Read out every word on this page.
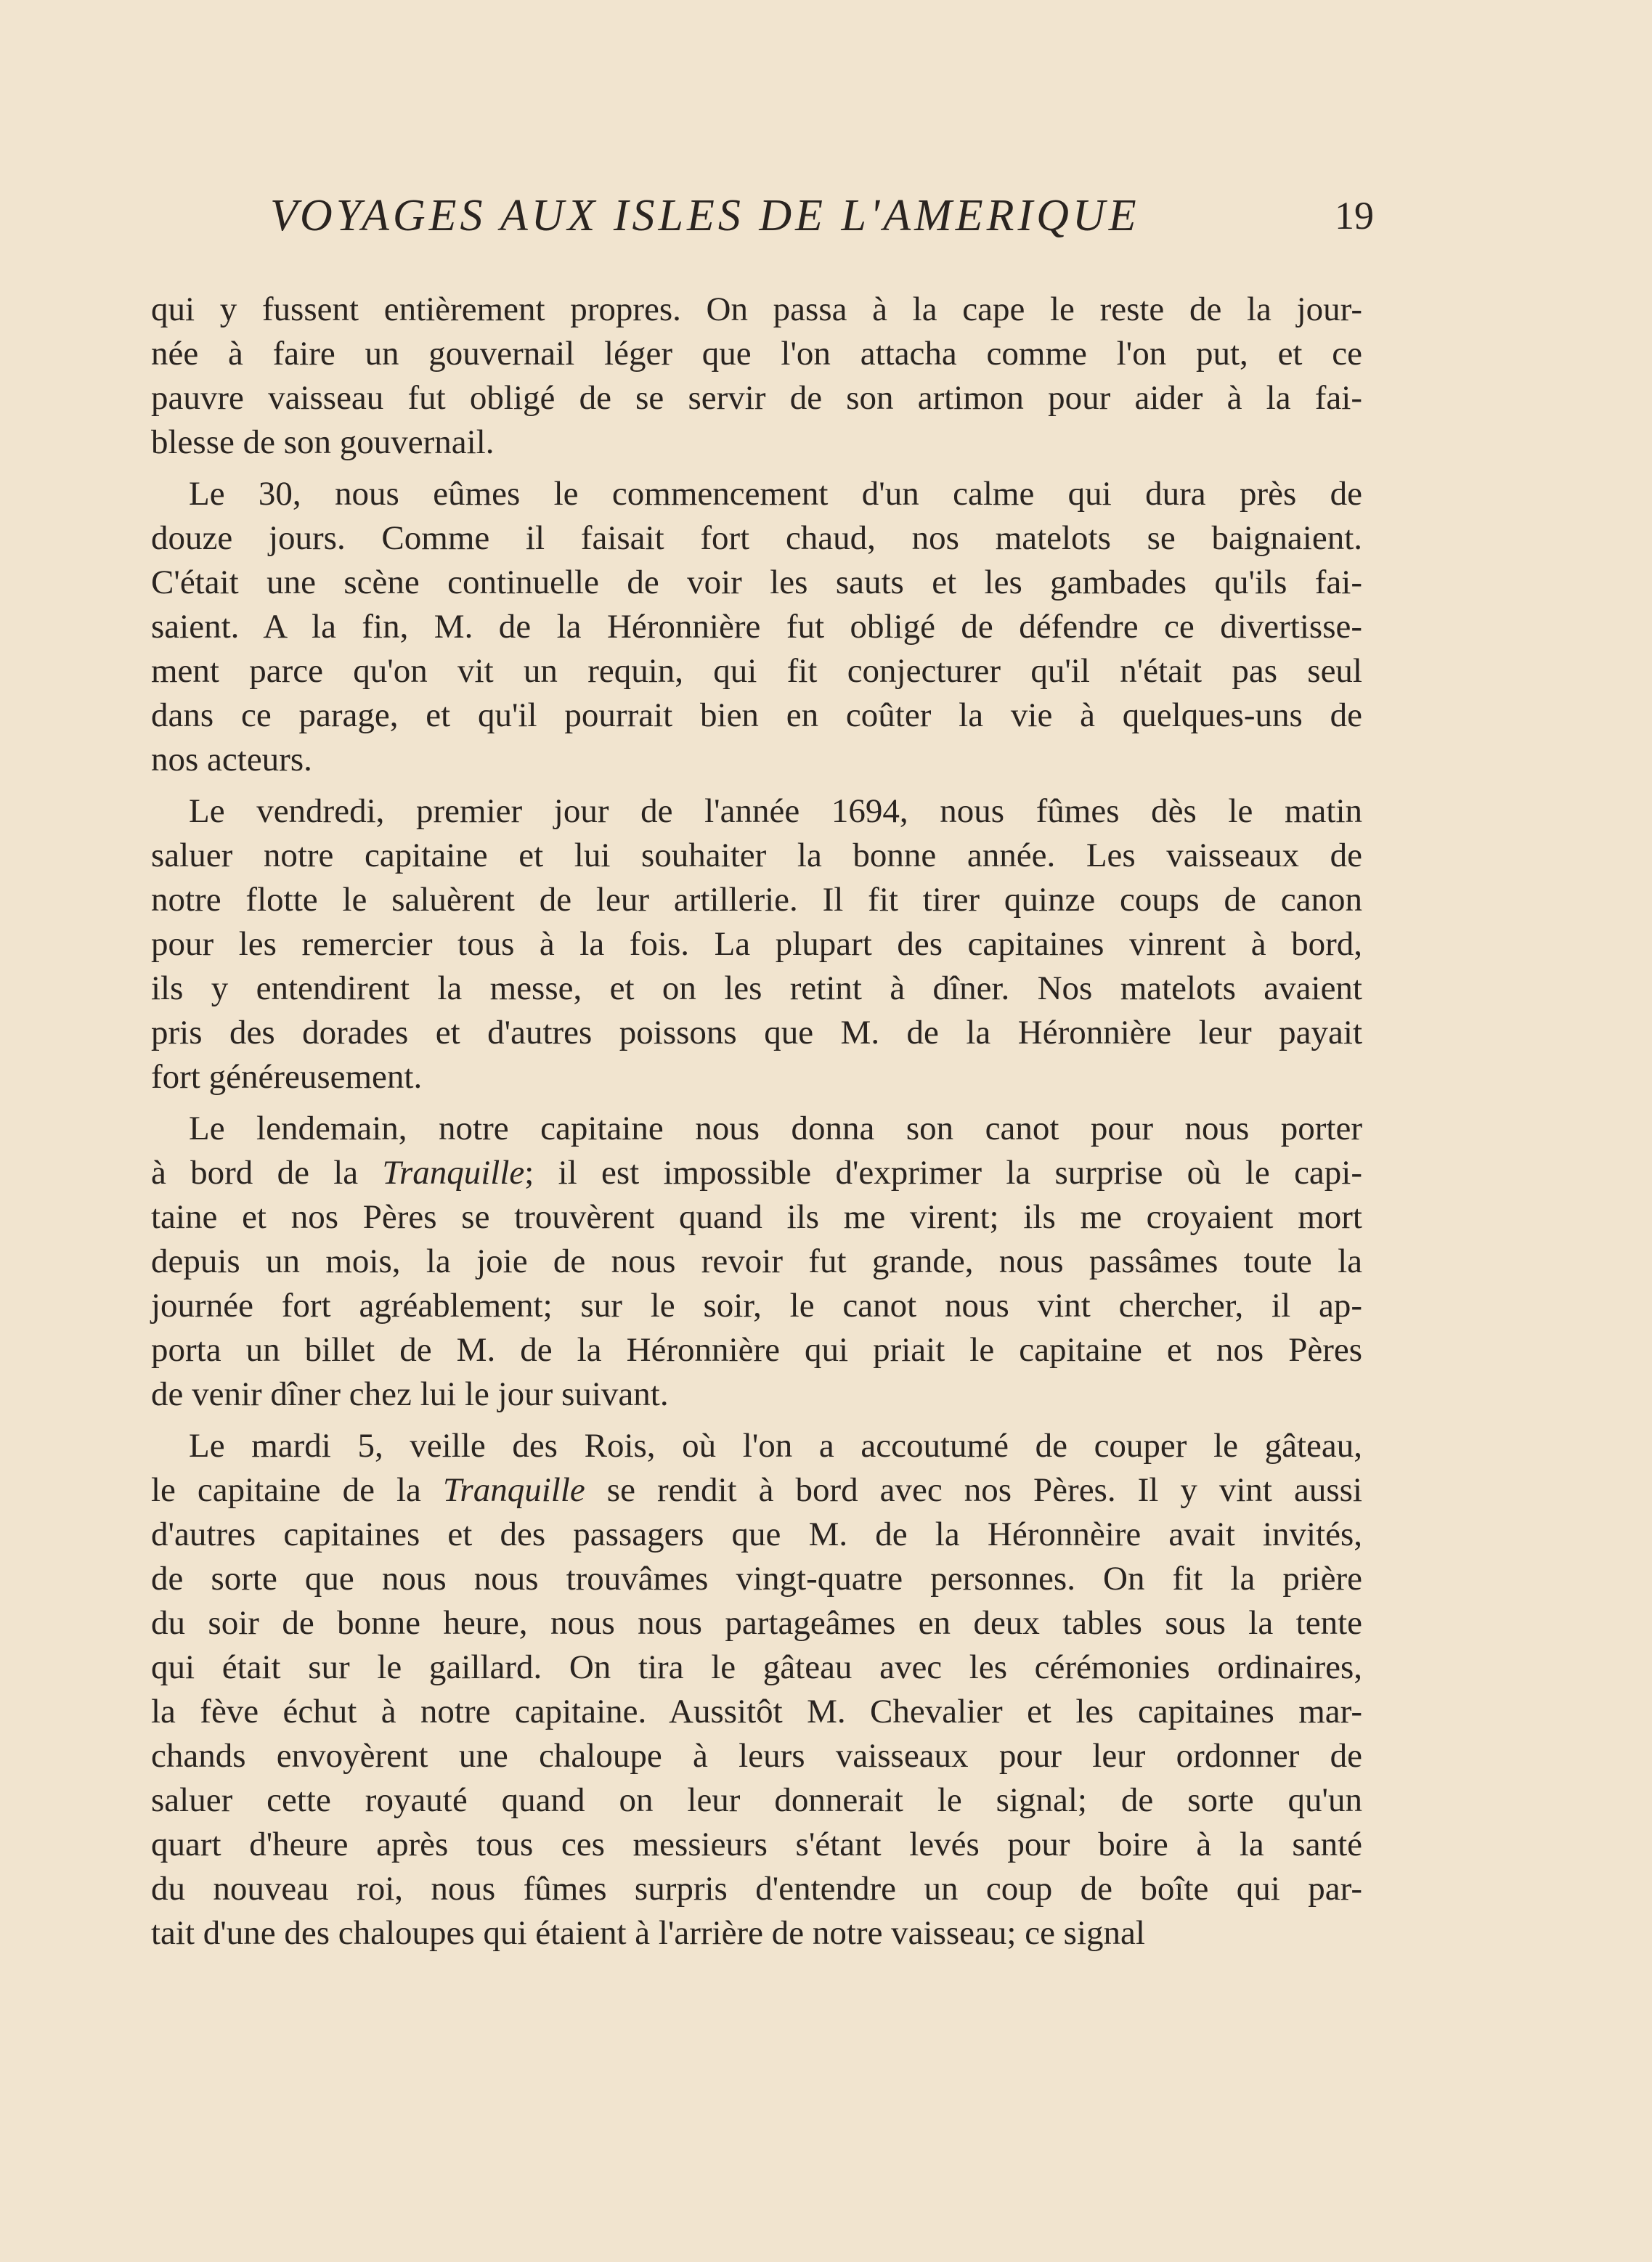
VOYAGES AUX ISLES DE L'AMERIQUE	19
qui y fussent entièrement propres. On passa à la cape le reste de la jour-
née à faire un gouvernail léger que l'on attacha comme l'on put, et ce
pauvre vaisseau fut obligé de se servir de son artimon pour aider à la fai-
blesse de son gouvernail.
Le 30, nous eûmes le commencement d'un calme qui dura près de
douze jours. Comme il faisait fort chaud, nos matelots se baignaient.
C'était une scène continuelle de voir les sauts et les gambades qu'ils fai-
saient. A la fin, M. de la Héronnière fut obligé de défendre ce divertisse-
ment parce qu'on vit un requin, qui fit conjecturer qu'il n'était pas seul
dans ce parage, et qu'il pourrait bien en coûter la vie à quelques-uns de
nos acteurs.
Le vendredi, premier jour de l'année 1694, nous fûmes dès le matin
saluer notre capitaine et lui souhaiter la bonne année. Les vaisseaux de
notre flotte le saluèrent de leur artillerie. Il fit tirer quinze coups de canon
pour les remercier tous à la fois. La plupart des capitaines vinrent à bord,
ils y entendirent la messe, et on les retint à dîner. Nos matelots avaient
pris des dorades et d'autres poissons que M. de la Héronnière leur payait
fort généreusement.
Le lendemain, notre capitaine nous donna son canot pour nous porter
à bord de la Tranquille; il est impossible d'exprimer la surprise où le capi-
taine et nos Pères se trouvèrent quand ils me virent; ils me croyaient mort
depuis un mois, la joie de nous revoir fut grande, nous passâmes toute la
journée fort agréablement; sur le soir, le canot nous vint chercher, il ap-
porta un billet de M. de la Héronnière qui priait le capitaine et nos Pères
de venir dîner chez lui le jour suivant.
Le mardi 5, veille des Rois, où l'on a accoutumé de couper le gâteau,
le capitaine de la Tranquille se rendit à bord avec nos Pères. Il y vint aussi
d'autres capitaines et des passagers que M. de la Héronnèire avait invités,
de sorte que nous nous trouvâmes vingt-quatre personnes. On fit la prière
du soir de bonne heure, nous nous partageâmes en deux tables sous la tente
qui était sur le gaillard. On tira le gâteau avec les cérémonies ordinaires,
la fève échut à notre capitaine. Aussitôt M. Chevalier et les capitaines mar-
chands envoyèrent une chaloupe à leurs vaisseaux pour leur ordonner de
saluer cette royauté quand on leur donnerait le signal; de sorte qu'un
quart d'heure après tous ces messieurs s'étant levés pour boire à la santé
du nouveau roi, nous fûmes surpris d'entendre un coup de boîte qui par-
tait d'une des chaloupes qui étaient à l'arrière de notre vaisseau; ce signal
